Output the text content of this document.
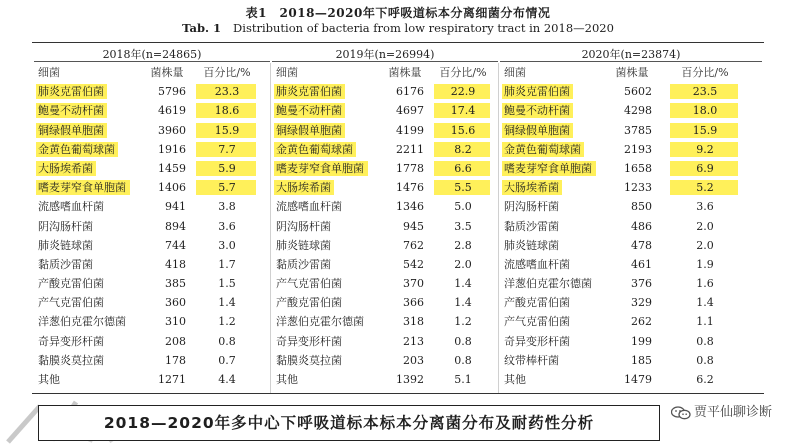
表1　2018—2020年下呼吸道标本分离细菌分布情况
Tab. 1 Distribution of bacteria from low respiratory tract in 2018—2020
2018年(n=24865)	2019年(n=26994)	2020年(n=23874)
细菌	菌株量	百分比/%
肺炎克雷伯菌	5796	23.3
鲍曼不动杆菌	4619	18.6
铜绿假单胞菌	3960	15.9
金黄色葡萄球菌	1916	7.7
大肠埃希菌	1459	5.9
嗜麦芽窄食单胞菌	1406	5.7
流感嗜血杆菌	941	3.8
阴沟肠杆菌	894	3.6
肺炎链球菌	744	3.0
黏质沙雷菌	418	1.7
产酸克雷伯菌	385	1.5
产气克雷伯菌	360	1.4
洋葱伯克霍尔德菌	310	1.2
奇异变形杆菌	208	0.8
黏膜炎莫拉菌	178	0.7
其他	1271	4.4
细菌	菌株量	百分比/%
肺炎克雷伯菌	6176	22.9
鲍曼不动杆菌	4697	17.4
铜绿假单胞菌	4199	15.6
金黄色葡萄球菌	2211	8.2
嗜麦芽窄食单胞菌	1778	6.6
大肠埃希菌	1476	5.5
流感嗜血杆菌	1346	5.0
阴沟肠杆菌	945	3.5
肺炎链球菌	762	2.8
黏质沙雷菌	542	2.0
产气克雷伯菌	370	1.4
产酸克雷伯菌	366	1.4
洋葱伯克霍尔德菌	318	1.2
奇异变形杆菌	213	0.8
黏膜炎莫拉菌	203	0.8
其他	1392	5.1
细菌	菌株量	百分比/%
肺炎克雷伯菌	5602	23.5
鲍曼不动杆菌	4298	18.0
铜绿假单胞菌	3785	15.9
金黄色葡萄球菌	2193	9.2
嗜麦芽窄食单胞菌	1658	6.9
大肠埃希菌	1233	5.2
阴沟肠杆菌	850	3.6
黏质沙雷菌	486	2.0
肺炎链球菌	478	2.0
流感嗜血杆菌	461	1.9
洋葱伯克霍尔德菌	376	1.6
产酸克雷伯菌	329	1.4
产气克雷伯菌	262	1.1
奇异变形杆菌	199	0.8
纹带棒杆菌	185	0.8
其他	1479	6.2
2018—2020年多中心下呼吸道标本标本分离菌分布及耐药性分析
贾平仙聊诊断
